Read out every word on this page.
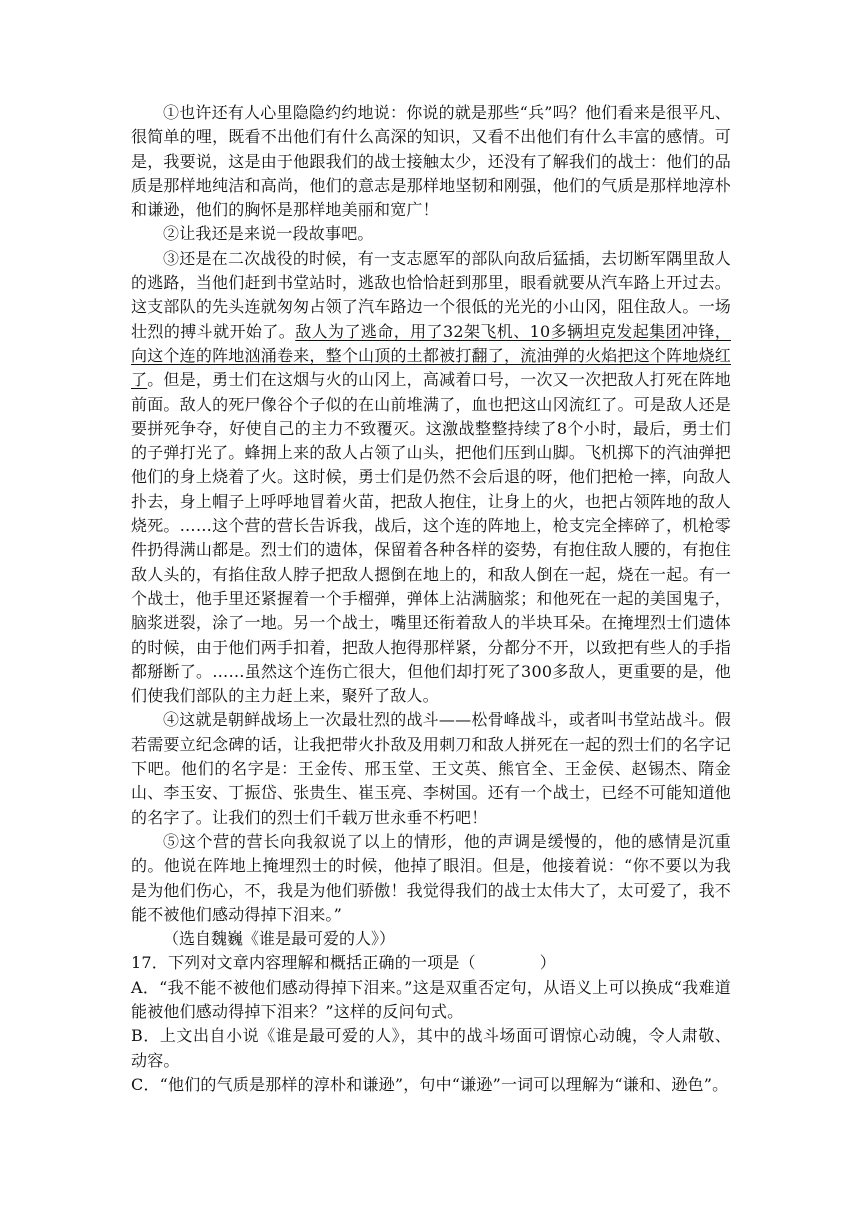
①也许还有人心里隐隐约约地说：你说的就是那些“兵”吗？他们看来是很平凡、很简单的哩，既看不出他们有什么高深的知识，又看不出他们有什么丰富的感情。可是，我要说，这是由于他跟我们的战士接触太少，还没有了解我们的战士：他们的品质是那样地纯洁和高尚，他们的意志是那样地坚韧和刚强，他们的气质是那样地淳朴和谦逊，他们的胸怀是那样地美丽和宽广！

②让我还是来说一段故事吧。

③还是在二次战役的时候，有一支志愿军的部队向敌后猛插，去切断军隅里敌人的逃路，当他们赶到书堂站时，逃敌也恰恰赶到那里，眼看就要从汽车路上开过去。这支部队的先头连就匆匆占领了汽车路边一个很低的光光的小山冈，阻住敌人。一场壮烈的搏斗就开始了。敌人为了逃命，用了32架飞机、10多辆坦克发起集团冲锋，向这个连的阵地汹涌卷来，整个山顶的土都被打翻了，流油弹的火焰把这个阵地烧红了。但是，勇士们在这烟与火的山冈上，高减着口号，一次又一次把敌人打死在阵地前面。敌人的死尸像谷个子似的在山前堆满了，血也把这山冈流红了。可是敌人还是要拼死争夺，好使自己的主力不致覆灭。这激战整整持续了8个小时，最后，勇士们的子弹打光了。蜂拥上来的敌人占领了山头，把他们压到山脚。飞机掷下的汽油弹把他们的身上烧着了火。这时候，勇士们是仍然不会后退的呀，他们把枪一摔，向敌人扑去，身上帽子上呼呼地冒着火苗，把敌人抱住，让身上的火，也把占领阵地的敌人烧死。……这个营的营长告诉我，战后，这个连的阵地上，枪支完全摔碎了，机枪零件扔得满山都是。烈士们的遗体，保留着各种各样的姿势，有抱住敌人腰的，有抱住敌人头的，有掐住敌人脖子把敌人摁倒在地上的，和敌人倒在一起，烧在一起。有一个战士，他手里还紧握着一个手榴弹，弹体上沾满脑浆；和他死在一起的美国鬼子，脑浆迸裂，涂了一地。另一个战士，嘴里还衔着敌人的半块耳朵。在掩埋烈士们遗体的时候，由于他们两手扣着，把敌人抱得那样紧，分都分不开，以致把有些人的手指都掰断了。……虽然这个连伤亡很大，但他们却打死了300多敌人，更重要的是，他们使我们部队的主力赶上来，聚歼了敌人。

④这就是朝鲜战场上一次最壮烈的战斗——松骨峰战斗，或者叫书堂站战斗。假若需要立纪念碑的话，让我把带火扑敌及用刺刀和敌人拼死在一起的烈士们的名字记下吧。他们的名字是：王金传、邢玉堂、王文英、熊官全、王金侯、赵锡杰、隋金山、李玉安、丁振岱、张贵生、崔玉亮、李树国。还有一个战士，已经不可能知道他的名字了。让我们的烈士们千载万世永垂不朽吧！

⑤这个营的营长向我叙说了以上的情形，他的声调是缓慢的，他的感情是沉重的。他说在阵地上掩埋烈士的时候，他掉了眼泪。但是，他接着说：“你不要以为我是为他们伤心，不，我是为他们骄傲！我觉得我们的战士太伟大了，太可爱了，我不能不被他们感动得掉下泪来。”

（选自魏巍《谁是最可爱的人》）

17．下列对文章内容理解和概括正确的一项是（	）

A．“我不能不被他们感动得掉下泪来。”这是双重否定句，从语义上可以换成“我难道能被他们感动得掉下泪来？”这样的反问句式。

B．上文出自小说《谁是最可爱的人》，其中的战斗场面可谓惊心动魄，令人肃敬、动容。

C．“他们的气质是那样的淳朴和谦逊”，句中“谦逊”一词可以理解为“谦和、逊色”。
